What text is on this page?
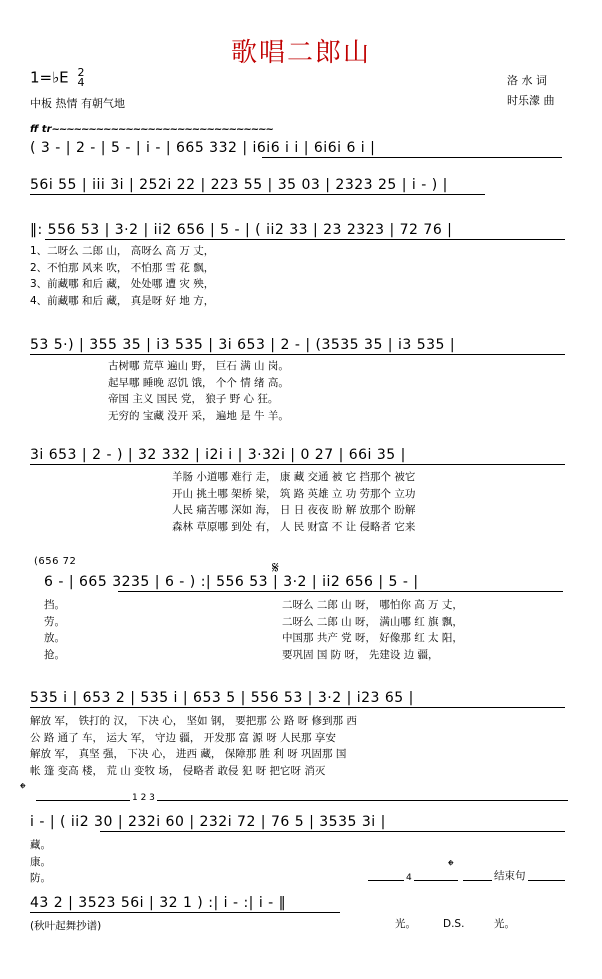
歌唱二郎山
1=♭E 2
4
中板 热情 有朝气地
洛 水 词
时乐濛 曲
ff tr~~~~~~~~~~~~~~~~~~~~~~~~~~~~~~
( 3 - | 2 - | 5 - | i - | 665 332 | i6i6 i i | 6i6i 6 i |
56i 55 | iii 3i | 252i 22 | 223 55 | 35 03 | 2323 25 | i - ) |
‖: 556 53 | 3·2 | ii2 656 | 5 - | ( ii2 33 | 23 2323 | 72 76 |
1、二呀么 二郎 山， 高呀么 高 万 丈，
2、不怕那 风来 吹， 不怕那 雪 花 飘，
3、前藏哪 和后 藏， 处处哪 遭 灾 殃，
4、前藏哪 和后 藏， 真是呀 好 地 方，
53 5·) | 355 35 | i3 535 | 3i 653 | 2 - | (3535 35 | i3 535 |
古树哪 荒草 遍山 野， 巨石 满 山 岗。
起早哪 睡晚 忍饥 饿， 个个 情 绪 高。
帝国 主义 国民 党， 狼子 野 心 狂。
无穷的 宝藏 没开 采， 遍地 是 牛 羊。
3i 653 | 2 - ) | 32 332 | i2i i | 3·32i | 0 27 | 66i 35 |
羊肠 小道哪 难行 走， 康 藏 交通 被 它 挡那个 被它
开山 挑土哪 架桥 梁， 筑 路 英雄 立 功 劳那个 立功
人民 痛苦哪 深如 海， 日 日 夜夜 盼 解 放那个 盼解
森林 草原哪 到处 有， 人 民 财富 不 让 侵略者 它来
(656 72	𝄋
6 - | 665 3235 | 6 - ) :| 556 53 | 3·2 | ii2 656 | 5 - |
挡。
劳。
放。
抢。
二呀么 二郎 山 呀， 哪怕你 高 万 丈，
二呀么 二郎 山 呀， 满山哪 红 旗 飘，
中国那 共产 党 呀， 好像那 红 太 阳，
要巩固 国 防 呀， 先建设 边 疆，
535 i | 653 2 | 535 i | 653 5 | 556 53 | 3·2 | i23 65 |
解放 军， 铁打的 汉， 下决 心， 坚如 钢， 要把那 公 路 呀 修到那 西
公 路 通了 车， 运大 军， 守边 疆， 开发那 富 源 呀 人民那 享安
解放 军， 真坚 强， 下决 心， 进西 藏， 保障那 胜 利 呀 巩固那 国
帐 篷 变高 楼， 荒 山 变牧 场， 侵略者 敢侵 犯 呀 把它呀 消灭
𝄌	1 2 3
i - | ( ii2 30 | 232i 60 | 232i 72 | 76 5 | 3535 3i |
藏。
康。
防。	4
𝄌
结束句
43 2 | 3523 56i | 32 1 ) :| i - :| i - ‖
光。	D.S.	光。
(秋叶起舞抄谱)
